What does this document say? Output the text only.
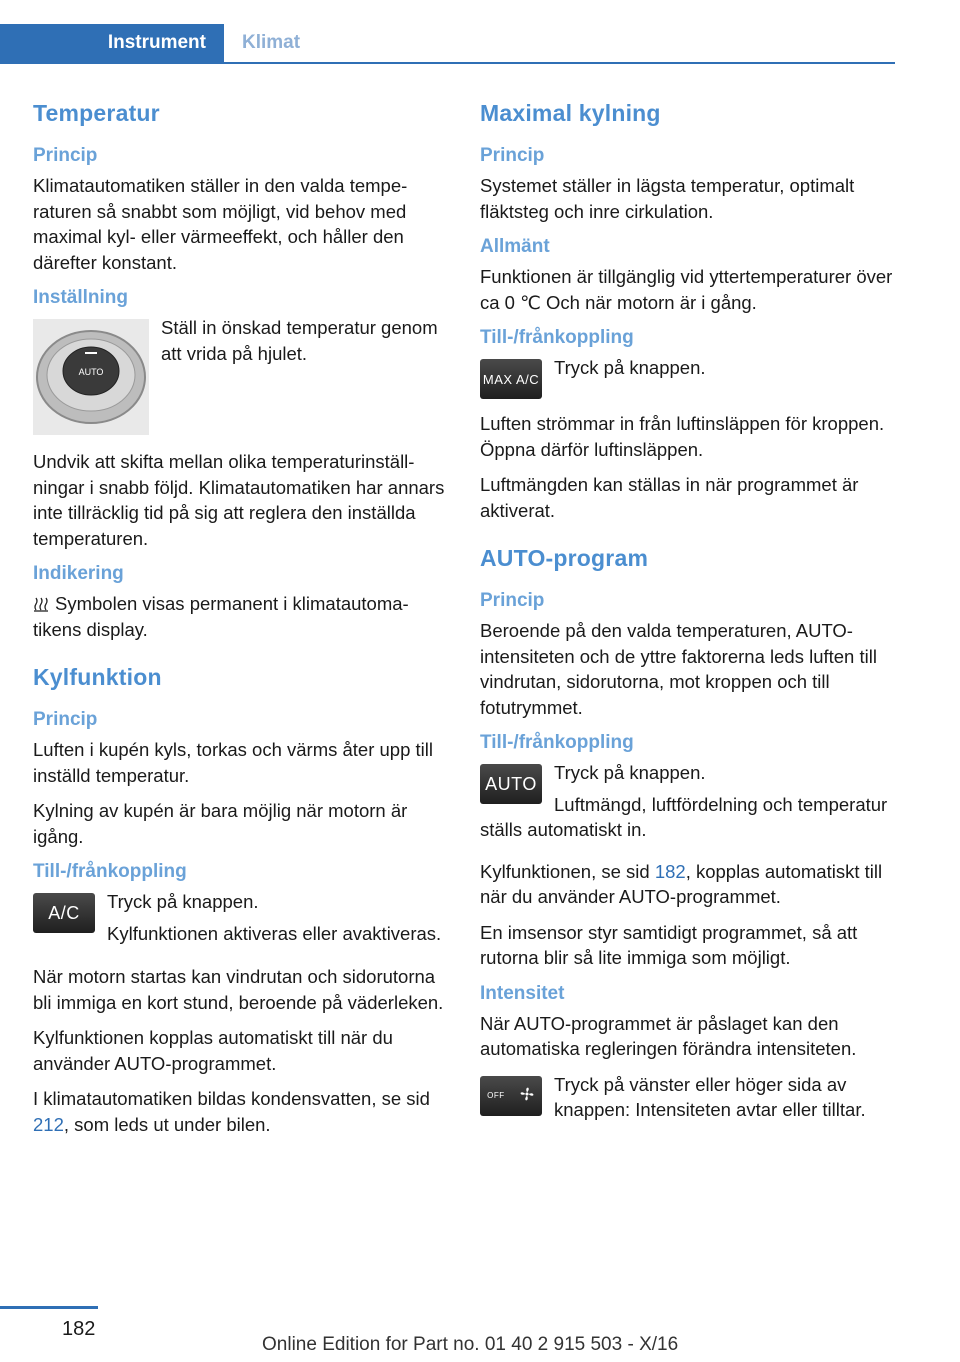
Instrument Klimat
Temperatur
Princip

Klimatautomatiken ställer in den valda temperaturen så snabbt som möjligt, vid behov med maximal kyl- eller värmeeffekt, och håller den därefter konstant.

Inställning
AUTO

Ställ in önskad temperatur genom att vrida på hjulet.

Undvik att skifta mellan olika temperaturinställningar i snabb följd. Klimatautomatiken har annars inte tillräcklig tid på sig att reglera den inställda temperaturen.

Indikering

Symbolen visas permanent i klimatautomatikens display.

Kylfunktion
Princip

Luften i kupén kyls, torkas och värms åter upp till inställd temperatur.

Kylning av kupén är bara möjlig när motorn är igång.

Till-/frånkoppling
A/C

Tryck på knappen.

Kylfunktionen aktiveras eller avaktiveras.

När motorn startas kan vindrutan och sidorutorna bli immiga en kort stund, beroende på väderleken.

Kylfunktionen kopplas automatiskt till när du använder AUTO-programmet.

I klimatautomatiken bildas kondensvatten, se sid 212, som leds ut under bilen.

Maximal kylning
Princip

Systemet ställer in lägsta temperatur, optimalt fläktsteg och inre cirkulation.

Allmänt

Funktionen är tillgänglig vid yttertemperaturer över ca 0 ℃ Och när motorn är i gång.

Till-/frånkoppling
MAX A/C

Tryck på knappen.

Luften strömmar in från luftinsläppen för kroppen. Öppna därför luftinsläppen.

Luftmängden kan ställas in när programmet är aktiverat.

AUTO-program
Princip

Beroende på den valda temperaturen, AUTO-intensiteten och de yttre faktorerna leds luften till vindrutan, sidorutorna, mot kroppen och till fotutrymmet.

Till-/frånkoppling
AUTO

Tryck på knappen.

Luftmängd, luftfördelning och temperatur ställs automatiskt in.

Kylfunktionen, se sid 182, kopplas automatiskt till när du använder AUTO-programmet.

En imsensor styr samtidigt programmet, så att rutorna blir så lite immiga som möjligt.

Intensitet

När AUTO-programmet är påslaget kan den automatiska regleringen förändra intensiteten.

OFF

Tryck på vänster eller höger sida av knappen: Intensiteten avtar eller tilltar.

182
Online Edition for Part no. 01 40 2 915 503 - X/16
